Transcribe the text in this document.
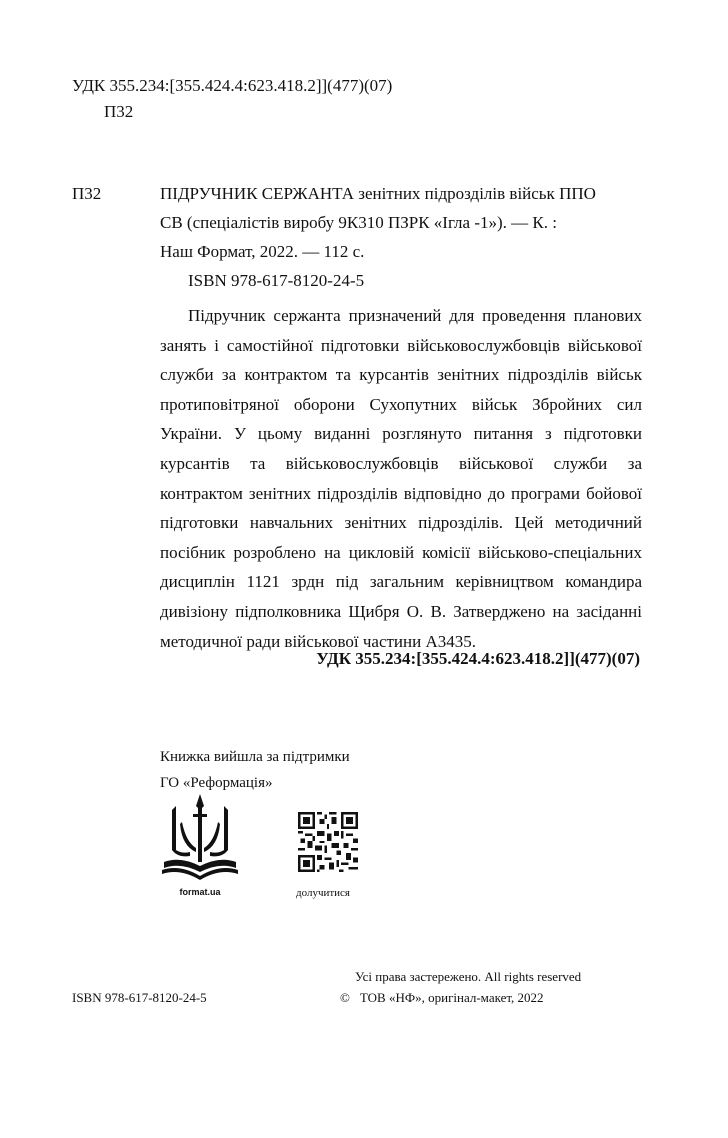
УДК 355.234:[355.424.4:623.418.2]](477)(07)
П32
П32	ПІДРУЧНИК СЕРЖАНТА зенітних підрозділів військ ППО
СВ (спеціалістів виробу 9К310 ПЗРК «Ігла -1»). — К. :
Наш Формат, 2022. — 112 с.
ISBN 978-617-8120-24-5

Підручник сержанта призначений для проведення планових занять і самостійної підготовки військовослужбовців військової служби за контрактом та курсантів зенітних підрозділів військ протиповітряної оборони Сухопутних військ Збройних сил України. У цьому виданні розглянуто питання з підготовки курсантів та військовослужбовців військової служби за контрактом зенітних підрозділів відповідно до програми бойової підготовки навчальних зенітних підрозділів. Цей методичний посібник розроблено на цикловій комісії військово-спеціальних дисциплін 1121 зрдн під загальним керівництвом командира дивізіону підполковника Щибря О. В. Затверджено на засіданні методичної ради військової частини А3435.

УДК 355.234:[355.424.4:623.418.2]](477)(07)
Книжка вийшла за підтримки
ГО «Реформація»
format.ua	долучитися
Усі права застережено. All rights reserved
ISBN 978-617-8120-24-5	© ТОВ «НФ», оригінал-макет, 2022
